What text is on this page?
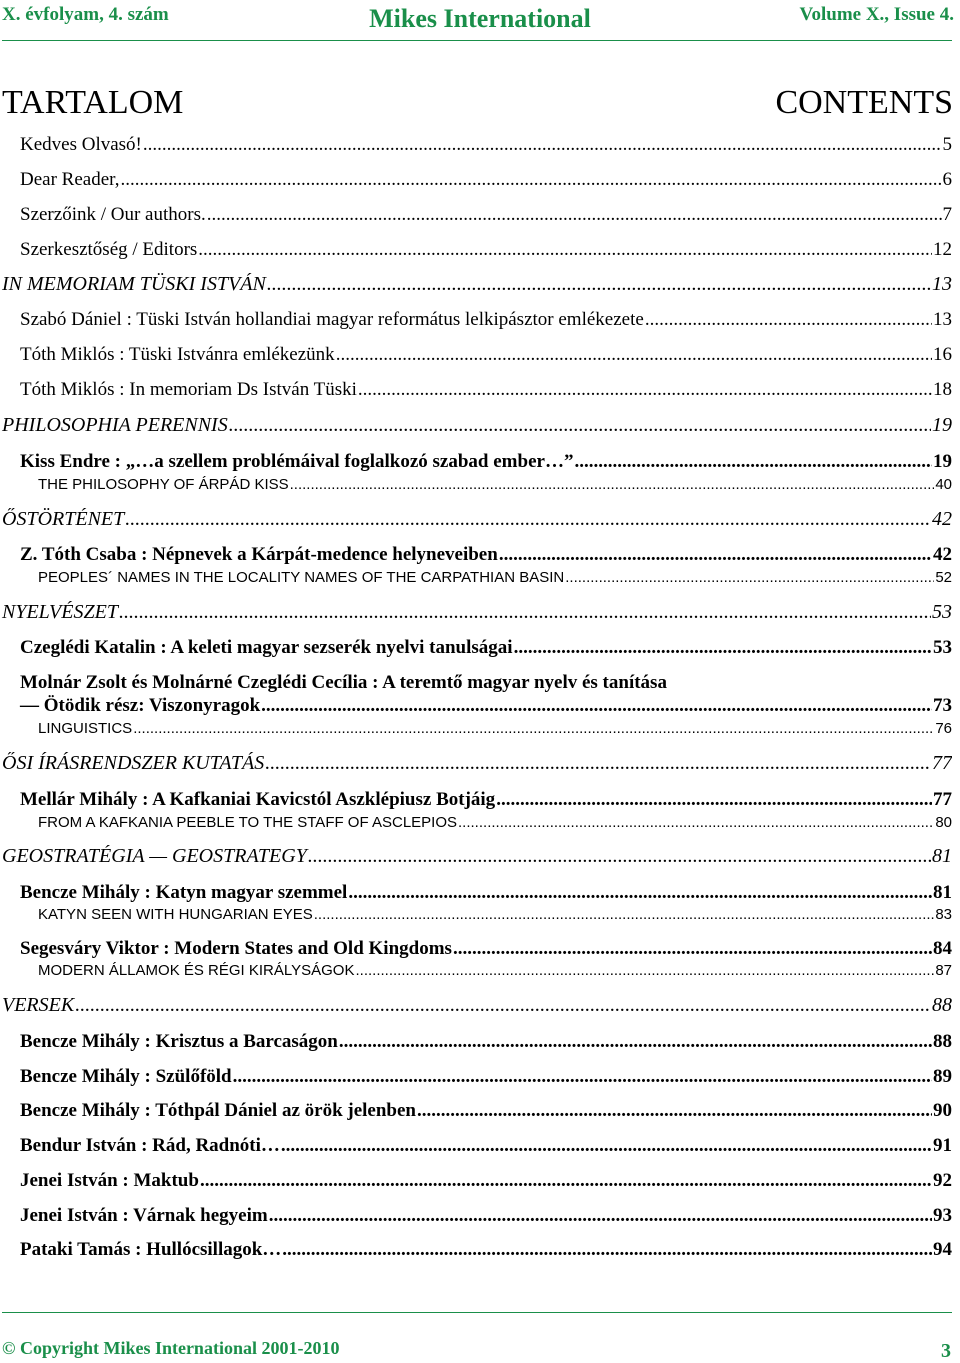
X. évfolyam, 4. szám	Mikes International	Volume X., Issue 4.
TARTALOM	CONTENTS
Kedves Olvasó! .....	5
Dear Reader, .....	6
Szerzőink / Our authors. .....	7
Szerkesztőség / Editors .....	12
IN MEMORIAM TÜSKI ISTVÁN .....	13
Szabó Dániel : Tüski István hollandiai magyar református lelkipásztor emlékezete .....	13
Tóth Miklós : Tüski Istvánra emlékezünk .....	16
Tóth Miklós : In memoriam Ds István Tüski .....	18
PHILOSOPHIA PERENNIS .....	19
Kiss Endre : „…a szellem problémáival foglalkozó szabad ember…” .....	19
THE PHILOSOPHY OF ÁRPÁD KISS .....	40
ŐSTÖRTÉNET .....	42
Z. Tóth Csaba : Népnevek a Kárpát-medence helyneveiben .....	42
PEOPLES´ NAMES IN THE LOCALITY NAMES OF THE CARPATHIAN BASIN .....	52
NYELVÉSZET .....	53
Czeglédi Katalin : A keleti magyar sezserék nyelvi tanulságai .....	53
Molnár Zsolt és Molnárné Czeglédi Cecília : A teremtő magyar nyelv és tanítása
— Ötödik rész: Viszonyragok .....	73
LINGUISTICS .....	76
ŐSI ÍRÁSRENDSZER KUTATÁS .....	77
Mellár Mihály : A Kafkaniai Kavicstól Aszklépiusz Botjáig .....	77
FROM A KAFKANIA PEEBLE TO THE STAFF OF ASCLEPIOS .....	80
GEOSTRATÉGIA — GEOSTRATEGY .....	81
Bencze Mihály : Katyn magyar szemmel .....	81
KATYN SEEN WITH HUNGARIAN EYES .....	83
Segesváry Viktor : Modern States and Old Kingdoms .....	84
MODERN ÁLLAMOK ÉS RÉGI KIRÁLYSÁGOK .....	87
VERSEK .....	88
Bencze Mihály : Krisztus a Barcaságon .....	88
Bencze Mihály : Szülőföld .....	89
Bencze Mihály : Tóthpál Dániel az örök jelenben .....	90
Bendur István : Rád, Radnóti… .....	91
Jenei István : Maktub .....	92
Jenei István : Várnak hegyeim .....	93
Pataki Tamás : Hullócsillagok… .....	94
© Copyright Mikes International 2001-2010	3
